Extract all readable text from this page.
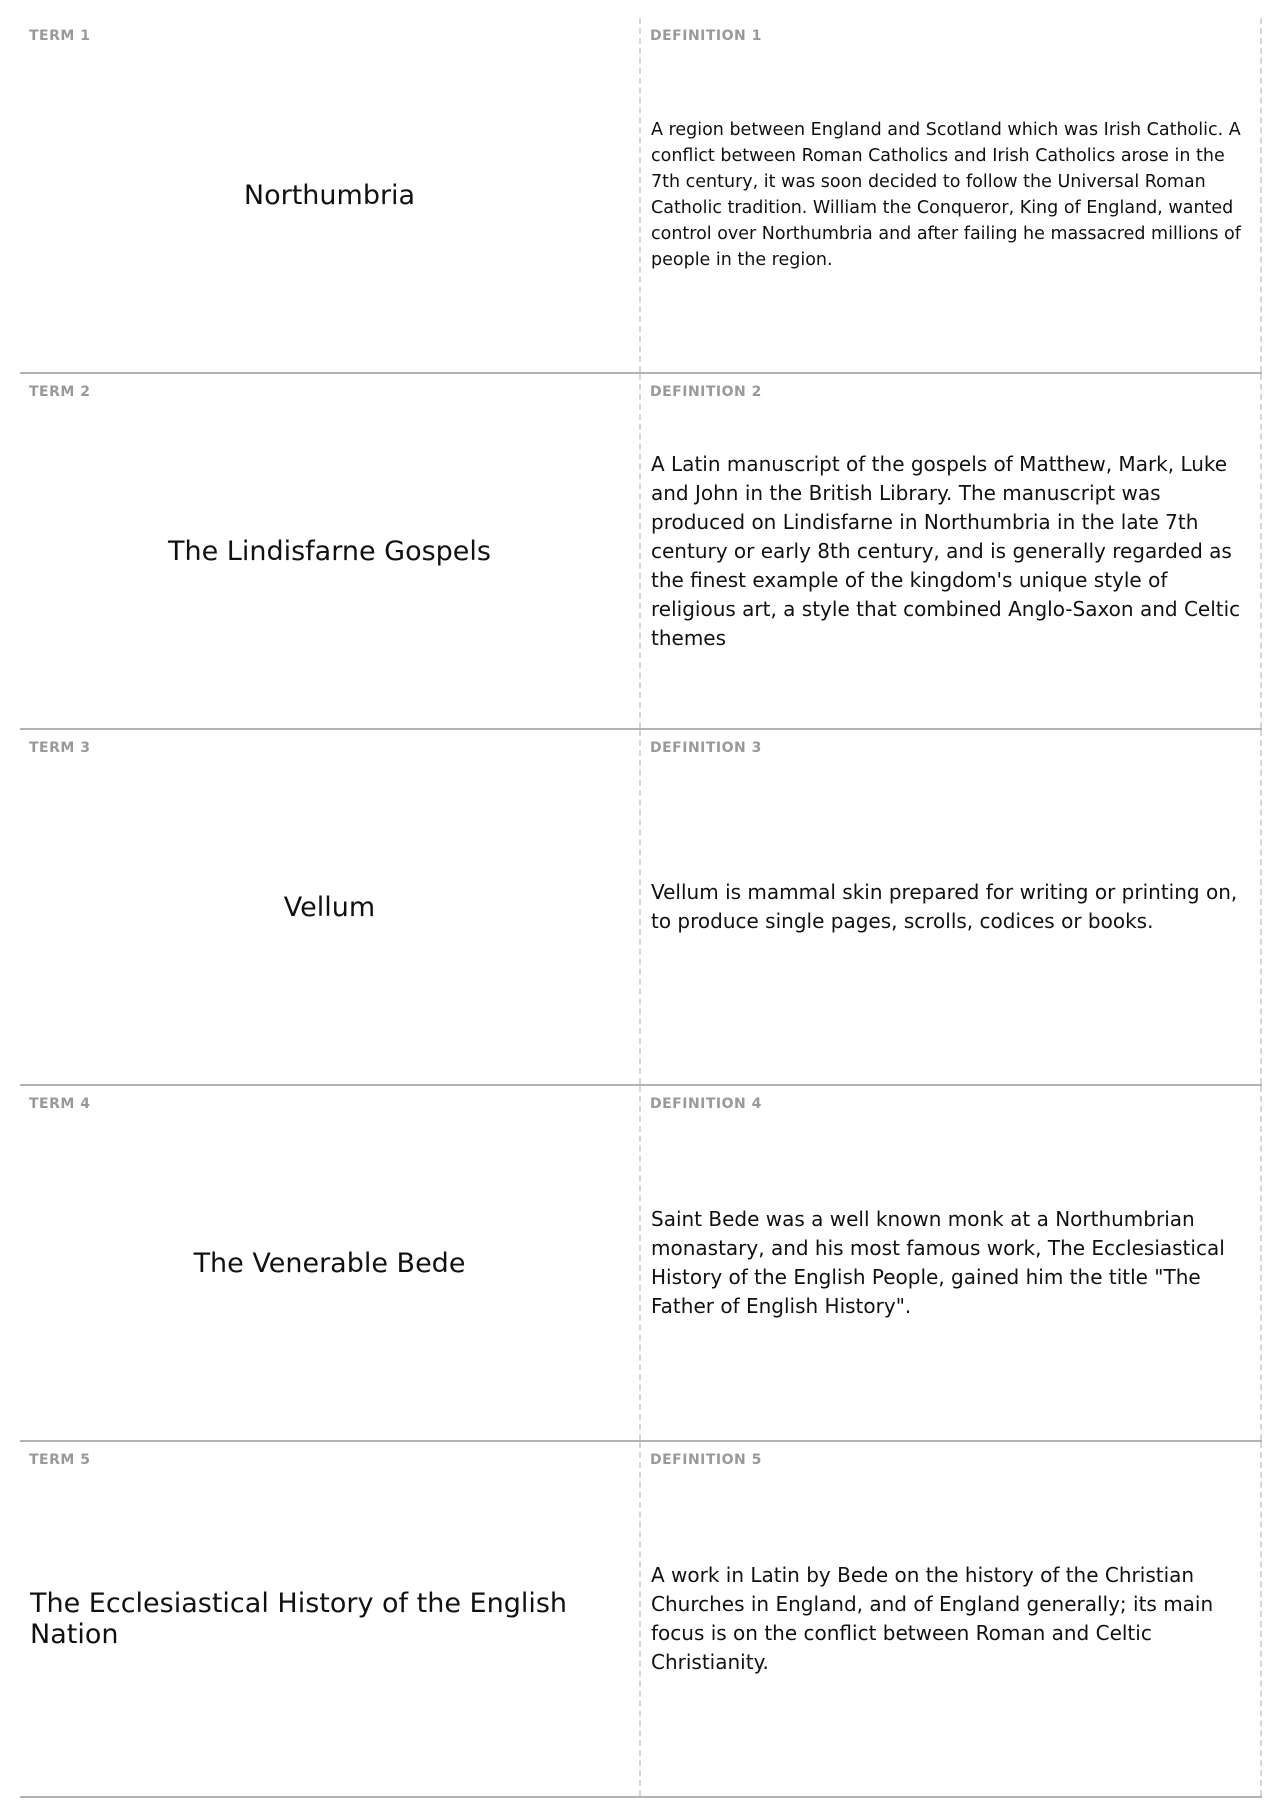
TERM 1
Northumbria
DEFINITION 1
A region between England and Scotland which was Irish Catholic. A conflict between Roman Catholics and Irish Catholics arose in the 7th century, it was soon decided to follow the Universal Roman Catholic tradition. William the Conqueror, King of England, wanted control over Northumbria and after failing he massacred millions of people in the region.
TERM 2
The Lindisfarne Gospels
DEFINITION 2
A Latin manuscript of the gospels of Matthew, Mark, Luke and John in the British Library. The manuscript was produced on Lindisfarne in Northumbria in the late 7th century or early 8th century, and is generally regarded as the finest example of the kingdom's unique style of religious art, a style that combined Anglo-Saxon and Celtic themes
TERM 3
Vellum
DEFINITION 3
Vellum is mammal skin prepared for writing or printing on, to produce single pages, scrolls, codices or books.
TERM 4
The Venerable Bede
DEFINITION 4
Saint Bede was a well known monk at a Northumbrian monastary, and his most famous work, The Ecclesiastical History of the English People, gained him the title "The Father of English History".
TERM 5
The Ecclesiastical History of the English Nation
DEFINITION 5
A work in Latin by Bede on the history of the Christian Churches in England, and of England generally; its main focus is on the conflict between Roman and Celtic Christianity.
